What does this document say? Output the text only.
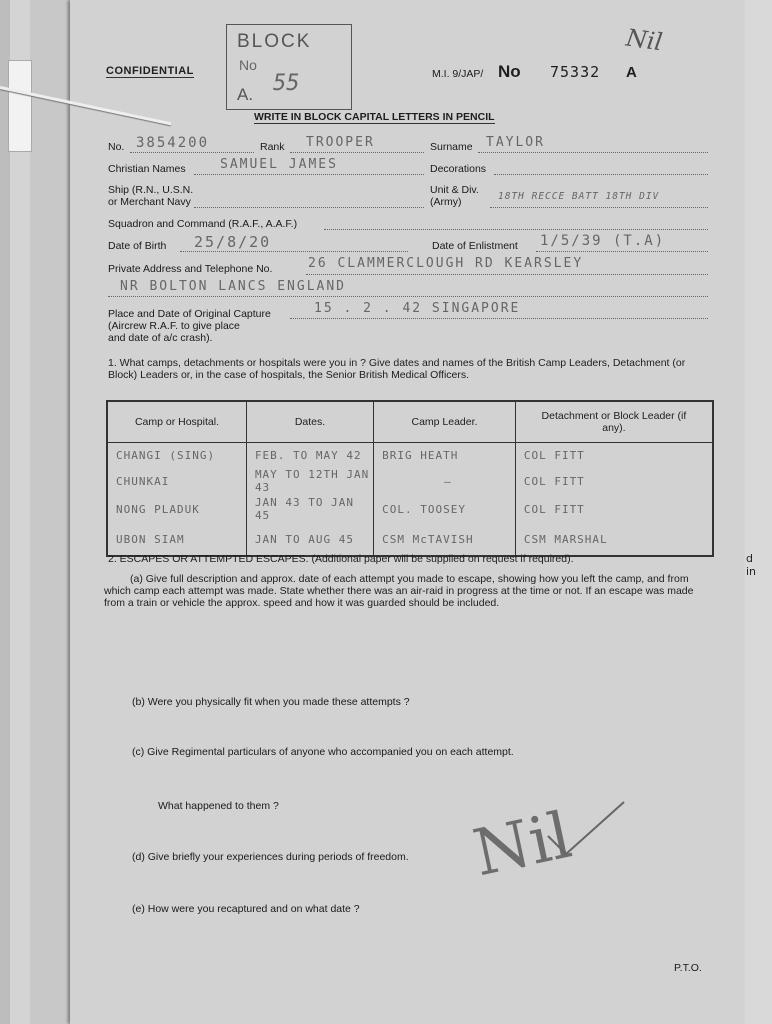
d
in
BLOCK
No
A. 55
Nil
CONFIDENTIAL	M.I. 9/JAP/ No 75332 A
WRITE IN BLOCK CAPITAL LETTERS IN PENCIL
No. 3854200	Rank TROOPER	Surname TAYLOR
Christian Names	SAMUEL JAMES	Decorations
Ship (R.N., U.S.N.
or Merchant Navy
Unit & Div.
(Army)	18TH RECCE BATT 18TH DIV
Squadron and Command (R.A.F., A.A.F.)
Date of Birth 25/8/20	Date of Enlistment 1/5/39 (T.A)
Private Address and Telephone No.	26 CLAMMERCLOUGH RD KEARSLEY
NR BOLTON LANCS ENGLAND
Place and Date of Original Capture
(Aircrew R.A.F. to give place
and date of a/c crash).
15 . 2 . 42 SINGAPORE
1. What camps, detachments or hospitals were you in ? Give dates and names of the British Camp Leaders, Detachment (or Block) Leaders or, in the case of hospitals, the Senior British Medical Officers.
Camp or Hospital.	Dates.	Camp Leader.	Detachment or Block Leader (if any).
CHANGI (SING)	FEB. TO MAY 42	BRIG HEATH	COL FITT
CHUNKAI	MAY TO 12TH JAN 43	—	COL FITT
NONG PLADUK	JAN 43 TO JAN 45	COL. TOOSEY	COL FITT
UBON SIAM	JAN TO AUG 45	CSM McTAVISH	CSM MARSHAL
2. ESCAPES OR ATTEMPTED ESCAPES. (Additional paper will be supplied on request if required).
(a) Give full description and approx. date of each attempt you made to escape, showing how you left the camp, and from which camp each attempt was made. State whether there was an air-raid in progress at the time or not. If an escape was made from a train or vehicle the approx. speed and how it was guarded should be included.
(b) Were you physically fit when you made these attempts ?
(c) Give Regimental particulars of anyone who accompanied you on each attempt.
What happened to them ?
(d) Give briefly your experiences during periods of freedom.
(e) How were you recaptured and on what date ?
Nil
P.T.O.
